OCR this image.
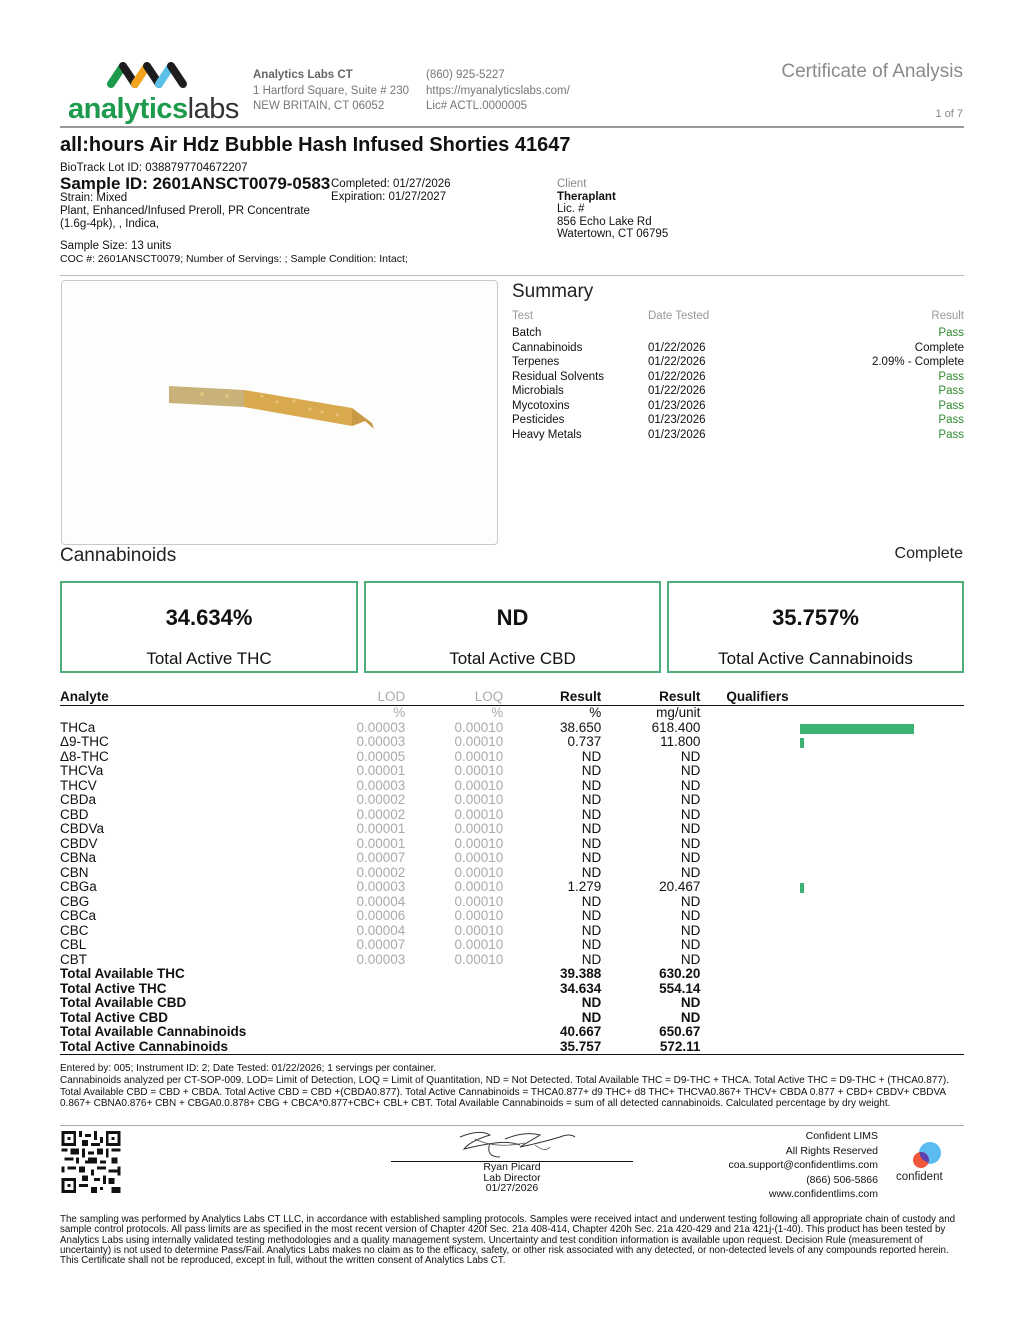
analyticslabs
Analytics Labs CT
1 Hartford Square, Suite # 230
NEW BRITAIN, CT 06052
(860) 925-5227
https://myanalyticslabs.com/
Lic# ACTL.0000005
Certificate of Analysis
1 of 7
all:hours Air Hdz Bubble Hash Infused Shorties 41647
BioTrack Lot ID: 0388797704672207
Sample ID: 2601ANSCT0079-0583 Completed: 01/27/2026
Expiration: 01/27/2027
Strain: Mixed
Plant, Enhanced/Infused Preroll, PR Concentrate
(1.6g-4pk), , Indica,
Sample Size: 13 units
COC #: 2601ANSCT0079; Number of Servings: ; Sample Condition: Intact;
Client
Theraplant
Lic. #
856 Echo Lake Rd
Watertown, CT 06795
Summary
Test	Date Tested	Result
Batch		Pass
Cannabinoids	01/22/2026	Complete
Terpenes	01/22/2026	2.09% - Complete
Residual Solvents	01/22/2026	Pass
Microbials	01/22/2026	Pass
Mycotoxins	01/23/2026	Pass
Pesticides	01/23/2026	Pass
Heavy Metals	01/23/2026	Pass
Cannabinoids	Complete
34.634%
Total Active THC
ND
Total Active CBD
35.757%
Total Active Cannabinoids
Analyte	LOD	LOQ	Result	Result	Qualifiers
	%	%	%	mg/unit	
THCa	0.00003	0.00010	38.650	618.400	

Δ9-THC	0.00003	0.00010	0.737	11.800	

Δ8-THC	0.00005	0.00010	ND	ND	
THCVa	0.00001	0.00010	ND	ND	
THCV	0.00003	0.00010	ND	ND	
CBDa	0.00002	0.00010	ND	ND	
CBD	0.00002	0.00010	ND	ND	
CBDVa	0.00001	0.00010	ND	ND	
CBDV	0.00001	0.00010	ND	ND	
CBNa	0.00007	0.00010	ND	ND	
CBN	0.00002	0.00010	ND	ND	
CBGa	0.00003	0.00010	1.279	20.467	

CBG	0.00004	0.00010	ND	ND	
CBCa	0.00006	0.00010	ND	ND	
CBC	0.00004	0.00010	ND	ND	
CBL	0.00007	0.00010	ND	ND	
CBT	0.00003	0.00010	ND	ND	
Total Available THC			39.388	630.20	
Total Active THC			34.634	554.14	
Total Available CBD			ND	ND	
Total Active CBD			ND	ND	
Total Available Cannabinoids			40.667	650.67	
Total Active Cannabinoids			35.757	572.11	
Entered by: 005; Instrument ID: 2; Date Tested: 01/22/2026; 1 servings per container.
Cannabinoids analyzed per CT-SOP-009. LOD= Limit of Detection, LOQ = Limit of Quantitation, ND = Not Detected. Total Available THC = D9-THC + THCA. Total Active THC = D9-THC + (THCA0.877). Total Available CBD = CBD + CBDA. Total Active CBD = CBD +(CBDA0.877). Total Active Cannabinoids = THCA0.877+ d9 THC+ d8 THC+ THCVA0.867+ THCV+ CBDA 0.877 + CBD+ CBDV+ CBDVA 0.867+ CBNA0.876+ CBN + CBGA0.0.878+ CBG + CBCA*0.877+CBC+ CBL+ CBT. Total Available Cannabinoids = sum of all detected cannabinoids. Calculated percentage by dry weight.
Ryan Picard
Lab Director
01/27/2026
Confident LIMS
All Rights Reserved
coa.support@confidentlims.com
(866) 506-5866
www.confidentlims.com
confident
The sampling was performed by Analytics Labs CT LLC, in accordance with established sampling protocols. Samples were received intact and underwent testing following all appropriate chain of custody and sample control protocols. All pass limits are as specified in the most recent version of Chapter 420f Sec. 21a 408-414, Chapter 420h Sec. 21a 420-429 and 21a 421j-(1-40). This product has been tested by Analytics Labs using internally validated testing methodologies and a quality management system. Uncertainty and test condition information is available upon request. Decision Rule (measurement of uncertainty) is not used to determine Pass/Fail. Analytics Labs makes no claim as to the efficacy, safety, or other risk associated with any detected, or non-detected levels of any compounds reported herein. This Certificate shall not be reproduced, except in full, without the written consent of Analytics Labs CT.
